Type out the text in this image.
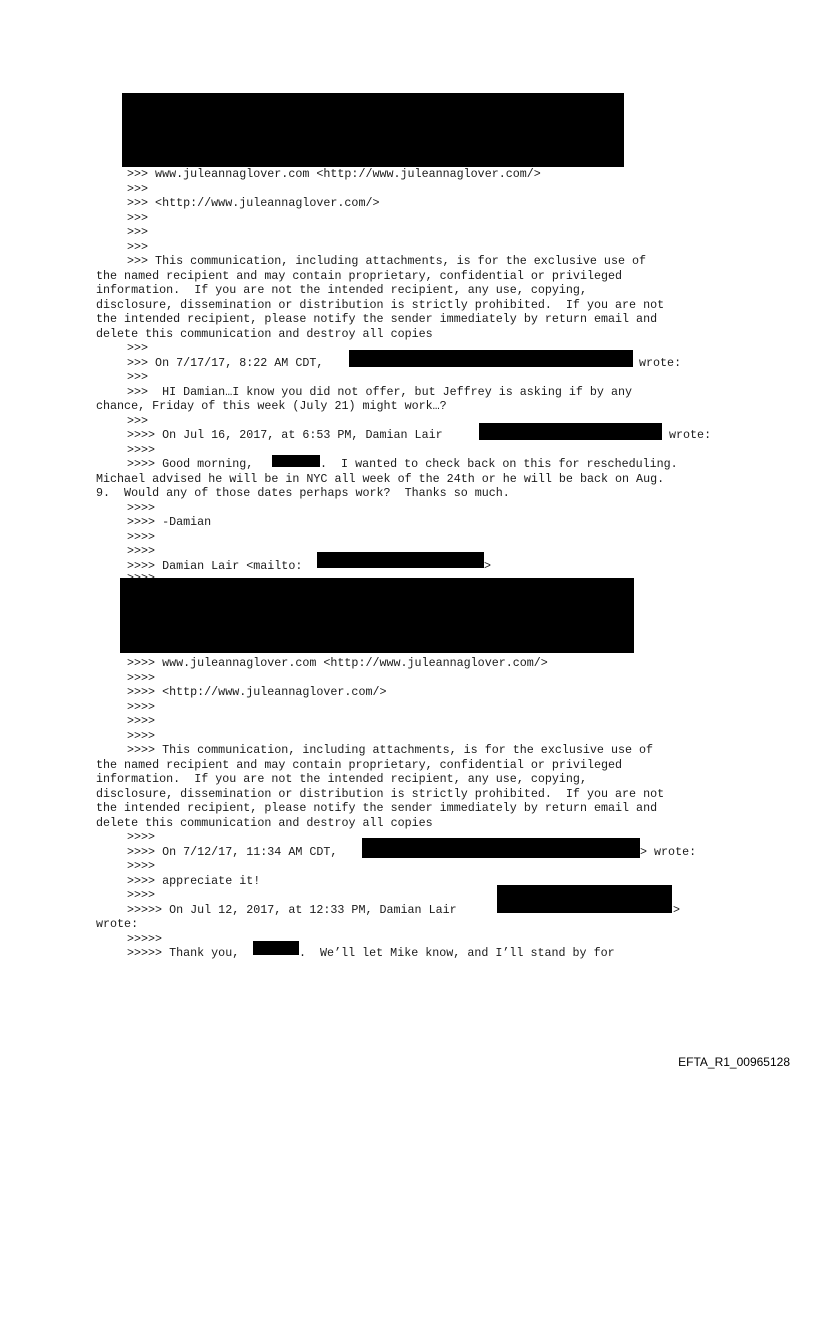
>>> www.juleannaglover.com <http://www.juleannaglover.com/>

>>>

>>> <http://www.juleannaglover.com/>

>>>

>>>

>>>

>>> This communication, including attachments, is for the exclusive use of

the named recipient and may contain proprietary, confidential or privileged

information.  If you are not the intended recipient, any use, copying,

disclosure, dissemination or distribution is strictly prohibited.  If you are not

the intended recipient, please notify the sender immediately by return email and

delete this communication and destroy all copies

>>>

>>> On 7/17/17, 8:22 AM CDT,

	wrote:

>>>

>>>  HI Damian…I know you did not offer, but Jeffrey is asking if by any

chance, Friday of this week (July 21) might work…?

>>>

>>>> On Jul 16, 2017, at 6:53 PM, Damian Lair

	wrote:

>>>>

>>>> Good morning,

	.  I wanted to check back on this for rescheduling.

Michael advised he will be in NYC all week of the 24th or he will be back on Aug.

9.  Would any of those dates perhaps work?  Thanks so much.

>>>>

>>>> -Damian

>>>>

>>>>

>>>> Damian Lair <mailto:

	>

>>>> www.juleannaglover.com <http://www.juleannaglover.com/>

>>>>

>>>> <http://www.juleannaglover.com/>

>>>>

>>>>

>>>>

>>>> This communication, including attachments, is for the exclusive use of

the named recipient and may contain proprietary, confidential or privileged

information.  If you are not the intended recipient, any use, copying,

disclosure, dissemination or distribution is strictly prohibited.  If you are not

the intended recipient, please notify the sender immediately by return email and

delete this communication and destroy all copies

>>>>

>>>> On 7/12/17, 11:34 AM CDT,

	> wrote:

>>>>

>>>> appreciate it!

>>>>

>>>>> On Jul 12, 2017, at 12:33 PM, Damian Lair

	>

wrote:

>>>>>

>>>>> Thank you,

	.  We’ll let Mike know, and I’ll stand by for

EFTA_R1_00965128
